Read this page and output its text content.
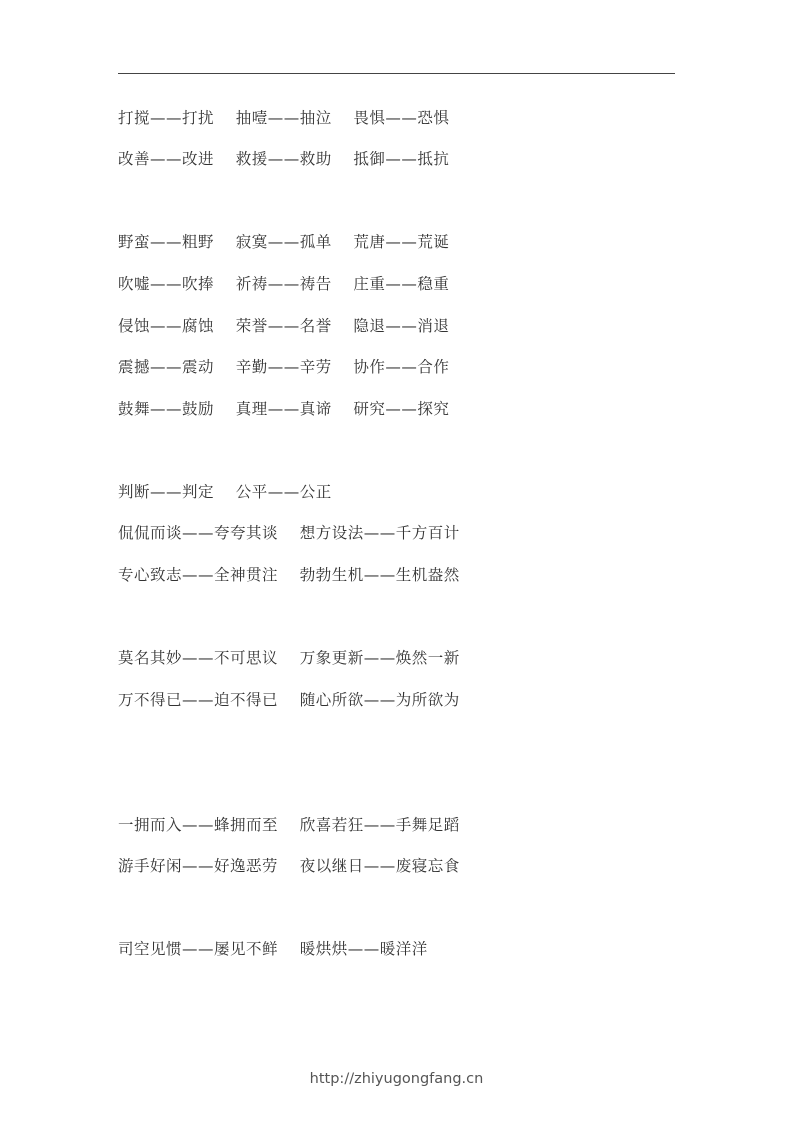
打搅——打扰    抽噎——抽泣    畏惧——恐惧
改善——改进    救援——救助    抵御——抵抗
野蛮——粗野    寂寞——孤单    荒唐——荒诞
吹嘘——吹捧    祈祷——祷告    庄重——稳重
侵蚀——腐蚀    荣誉——名誉    隐退——消退
震撼——震动    辛勤——辛劳    协作——合作
鼓舞——鼓励    真理——真谛    研究——探究
判断——判定    公平——公正
侃侃而谈——夸夸其谈    想方设法——千方百计
专心致志——全神贯注    勃勃生机——生机盎然
莫名其妙——不可思议    万象更新——焕然一新
万不得已——迫不得已    随心所欲——为所欲为
一拥而入——蜂拥而至    欣喜若狂——手舞足蹈
游手好闲——好逸恶劳    夜以继日——废寝忘食
司空见惯——屡见不鲜    暖烘烘——暖洋洋
http://zhiyugongfang.cn
